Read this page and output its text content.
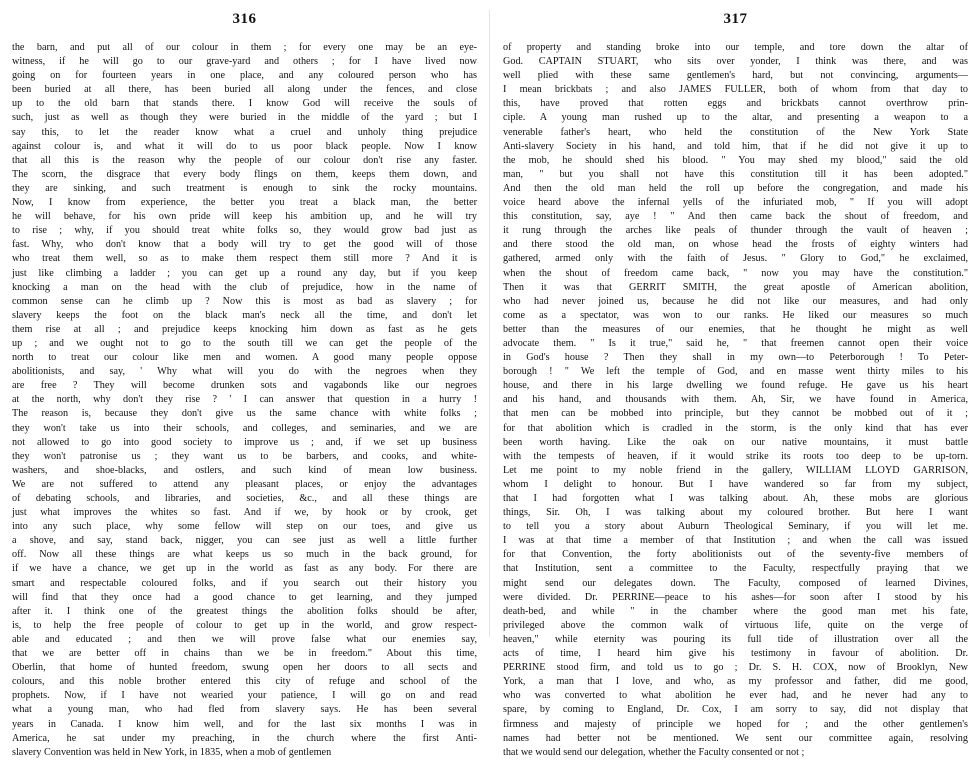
316
the barn, and put all of our colour in them ; for every one may be an eye-
witness, if he will go to our grave-yard and others ; for I have lived now
going on for fourteen years in one place, and any coloured person who has
been buried at all there, has been buried all along under the fences, and close
up to the old barn that stands there. I know God will receive the souls of
such, just as well as though they were buried in the middle of the yard ; but I
say this, to let the reader know what a cruel and unholy thing prejudice
against colour is, and what it will do to us poor black people. Now I know
that all this is the reason why the people of our colour don't rise any faster.
The scorn, the disgrace that every body flings on them, keeps them down, and
they are sinking, and such treatment is enough to sink the rocky mountains.
Now, I know from experience, the better you treat a black man, the better
he will behave, for his own pride will keep his ambition up, and he will try
to rise ; why, if you should treat white folks so, they would grow bad just as
fast. Why, who don't know that a body will try to get the good will of those
who treat them well, so as to make them respect them still more ? And it is
just like climbing a ladder ; you can get up a round any day, but if you keep
knocking a man on the head with the club of prejudice, how in the name of
common sense can he climb up ? Now this is most as bad as slavery ; for
slavery keeps the foot on the black man's neck all the time, and don't let
them rise at all ; and prejudice keeps knocking him down as fast as he gets
up ; and we ought not to go to the south till we can get the people of the
north to treat our colour like men and women. A good many people oppose
abolitionists, and say, ' Why what will you do with the negroes when they
are free ? They will become drunken sots and vagabonds like our negroes
at the north, why don't they rise ? ' I can answer that question in a hurry !
The reason is, because they don't give us the same chance with white folks ;
they won't take us into their schools, and colleges, and seminaries, and we are
not allowed to go into good society to improve us ; and, if we set up business
they won't patronise us ; they want us to be barbers, and cooks, and white-
washers, and shoe-blacks, and ostlers, and such kind of mean low business.
We are not suffered to attend any pleasant places, or enjoy the advantages
of debating schools, and libraries, and societies, &c., and all these things are
just what improves the whites so fast. And if we, by hook or by crook, get
into any such place, why some fellow will step on our toes, and give us
a shove, and say, stand back, nigger, you can see just as well a little further
off. Now all these things are what keeps us so much in the back ground, for
if we have a chance, we get up in the world as fast as any body. For there are
smart and respectable coloured folks, and if you search out their history you
will find that they once had a good chance to get learning, and they jumped
after it. I think one of the greatest things the abolition folks should be after,
is, to help the free people of colour to get up in the world, and grow respect-
able and educated ; and then we will prove false what our enemies say,
that we are better off in chains than we be in freedom." About this time,
Oberlin, that home of hunted freedom, swung open her doors to all sects and
colours, and this noble brother entered this city of refuge and school of the
prophets. Now, if I have not wearied your patience, I will go on and read
what a young man, who had fled from slavery says. He has been several
years in Canada. I know him well, and for the last six months I was in
America, he sat under my preaching, in the church where the first Anti-
slavery Convention was held in New York, in 1835, when a mob of gentlemen
317
of property and standing broke into our temple, and tore down the altar of
God. CAPTAIN STUART, who sits over yonder, I think was there, and was
well plied with these same gentlemen's hard, but not convincing, arguments—
I mean brickbats ; and also JAMES FULLER, both of whom from that day to
this, have proved that rotten eggs and brickbats cannot overthrow prin-
ciple. A young man rushed up to the altar, and presenting a weapon to a
venerable father's heart, who held the constitution of the New York State
Anti-slavery Society in his hand, and told him, that if he did not give it up to
the mob, he should shed his blood. " You may shed my blood," said the old
man, " but you shall not have this constitution till it has been adopted."
And then the old man held the roll up before the congregation, and made his
voice heard above the infernal yells of the infuriated mob, " If you will adopt
this constitution, say, aye ! " And then came back the shout of freedom, and
it rung through the arches like peals of thunder through the vault of heaven ;
and there stood the old man, on whose head the frosts of eighty winters had
gathered, armed only with the faith of Jesus. " Glory to God," he exclaimed,
when the shout of freedom came back, " now you may have the constitution."
Then it was that GERRIT SMITH, the great apostle of American abolition,
who had never joined us, because he did not like our measures, and had only
come as a spectator, was won to our ranks. He liked our measures so much
better than the measures of our enemies, that he thought he might as well
advocate them. " Is it true," said he, " that freemen cannot open their voice
in God's house ? Then they shall in my own—to Peterborough ! To Peter-
borough ! " We left the temple of God, and en masse went thirty miles to his
house, and there in his large dwelling we found refuge. He gave us his heart
and his hand, and thousands with them. Ah, Sir, we have found in America,
that men can be mobbed into principle, but they cannot be mobbed out of it ;
for that abolition which is cradled in the storm, is the only kind that has ever
been worth having. Like the oak on our native mountains, it must battle
with the tempests of heaven, if it would strike its roots too deep to be up-torn.
Let me point to my noble friend in the gallery, WILLIAM LLOYD GARRISON,
whom I delight to honour. But I have wandered so far from my subject,
that I had forgotten what I was talking about. Ah, these mobs are glorious
things, Sir. Oh, I was talking about my coloured brother. But here I want
to tell you a story about Auburn Theological Seminary, if you will let me.
I was at that time a member of that Institution ; and when the call was issued
for that Convention, the forty abolitionists out of the seventy-five members of
that Institution, sent a committee to the Faculty, respectfully praying that we
might send our delegates down. The Faculty, composed of learned Divines,
were divided. Dr. PERRINE—peace to his ashes—for soon after I stood by his
death-bed, and while " in the chamber where the good man met his fate,
privileged above the common walk of virtuous life, quite on the verge of
heaven," while eternity was pouring its full tide of illustration over all the
acts of time, I heard him give his testimony in favour of abolition. Dr.
PERRINE stood firm, and told us to go ; Dr. S. H. COX, now of Brooklyn, New
York, a man that I love, and who, as my professor and father, did me good,
who was converted to what abolition he ever had, and he never had any to
spare, by coming to England, Dr. Cox, I am sorry to say, did not display that
firmness and majesty of principle we hoped for ; and the other gentlemen's
names had better not be mentioned. We sent our committee again, resolving
that we would send our delegation, whether the Faculty consented or not ;
